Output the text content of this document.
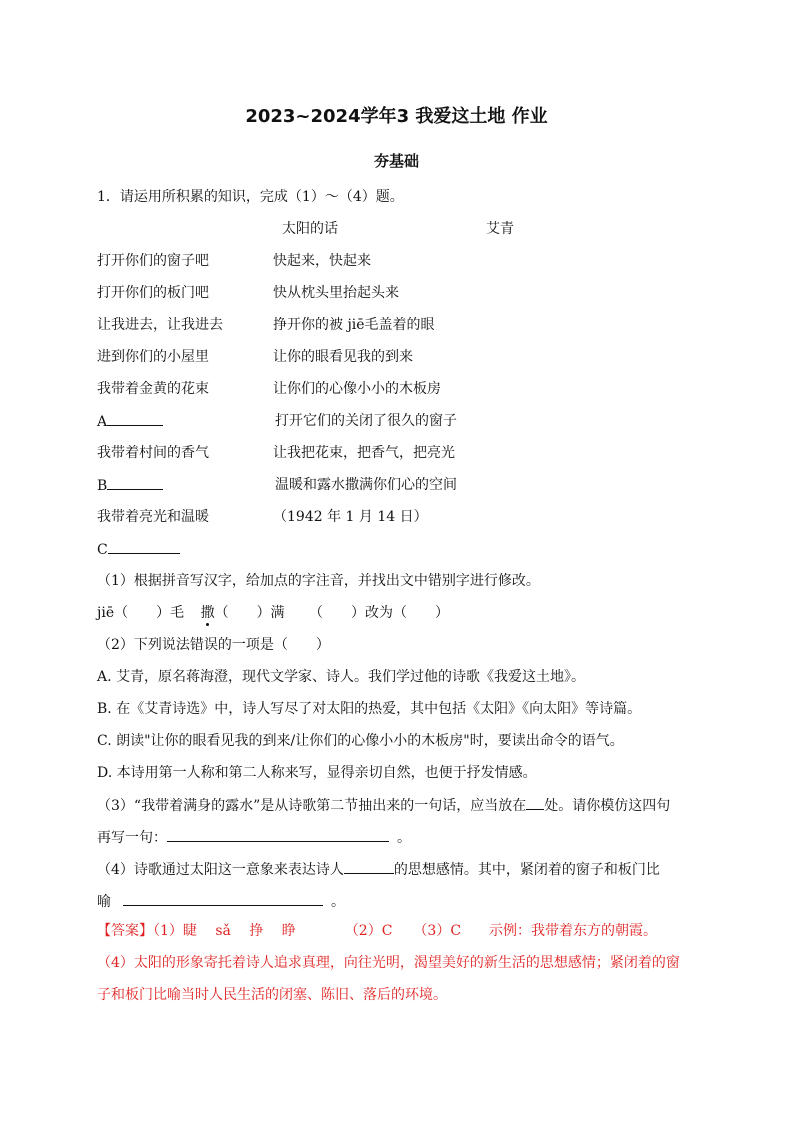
2023~2024学年3 我爱这土地 作业
夯基础
1．请运用所积累的知识，完成（1）～（4）题。
太阳的话	艾青
打开你们的窗子吧	快起来，快起来
打开你们的板门吧	快从枕头里抬起头来
让我进去，让我进去	挣开你的被 jiē毛盖着的眼
进到你们的小屋里	让你的眼看见我的到来
我带着金黄的花束	让你们的心像小小的木板房
A	打开它们的关闭了很久的窗子
我带着村间的香气	让我把花束，把香气，把亮光
B	温暖和露水撒满你们心的空间
我带着亮光和温暖	（1942 年 1 月 14 日）
C
（1）根据拼音写汉字，给加点的字注音，并找出文中错别字进行修改。
jiē（　　）毛 撒（　　）满 （　　）改为（　　）
（2）下列说法错误的一项是（　　）
A. 艾青，原名蒋海澄，现代文学家、诗人。我们学过他的诗歌《我爱这土地》。
B. 在《艾青诗选》中，诗人写尽了对太阳的热爱，其中包括《太阳》《向太阳》等诗篇。
C. 朗读"让你的眼看见我的到来/让你们的心像小小的木板房"时，要读出命令的语气。
D. 本诗用第一人称和第二人称来写，显得亲切自然，也便于抒发情感。
（3）“我带着满身的露水”是从诗歌第二节抽出来的一句话，应当放在 处。请你模仿这四句
再写一句：	。
（4）诗歌通过太阳这一意象来表达诗人	的思想感情。其中，紧闭着的窗子和板门比
喻	。
【答案】（1）睫　 sǎ　 挣　 睁　　　　（2）C　　（3）C　　示例：我带着东方的朝霞。
（4）太阳的形象寄托着诗人追求真理，向往光明，渴望美好的新生活的思想感情；紧闭着的窗
子和板门比喻当时人民生活的闭塞、陈旧、落后的环境。
